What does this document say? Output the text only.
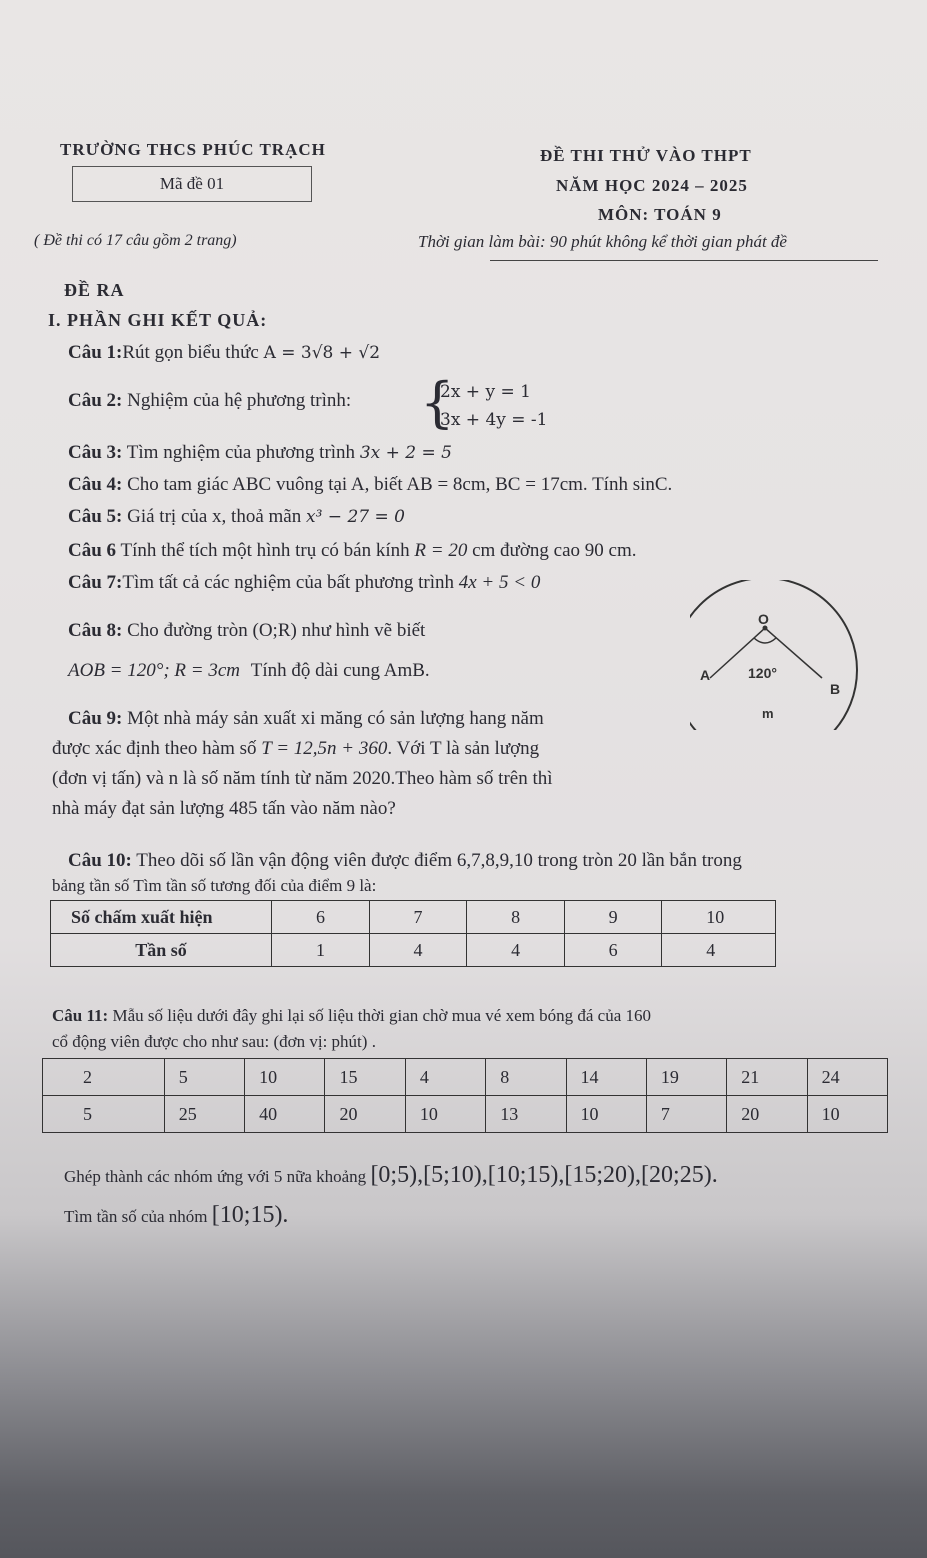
TRƯỜNG THCS PHÚC TRẠCH
Mã đề 01
( Đề thi có 17 câu gồm 2 trang)
ĐỀ THI THỬ VÀO THPT
NĂM HỌC 2024 – 2025
MÔN: TOÁN 9
Thời gian làm bài: 90 phút không kể thời gian phát đề
ĐỀ RA
I. PHẦN GHI KẾT QUẢ:
Câu 1:Rút gọn biểu thức A = 3√8 + √2
Câu 2: Nghiệm của hệ phương trình: {
2x + y = 1
3x + 4y = -1
Câu 3: Tìm nghiệm của phương trình 3x + 2 = 5
Câu 4: Cho tam giác ABC vuông tại A, biết AB = 8cm, BC = 17cm. Tính sinC.
Câu 5: Giá trị của x, thoả mãn x³ − 27 = 0
Câu 6 Tính thể tích một hình trụ có bán kính R = 20 cm đường cao 90 cm.
Câu 7:Tìm tất cả các nghiệm của bất phương trình 4x + 5 < 0
Câu 8: Cho đường tròn (O;R) như hình vẽ biết
AOB = 120°; R = 3cm Tính độ dài cung AmB.
O
120°
A
B
m
Câu 9: Một nhà máy sản xuất xi măng có sản lượng hang năm
được xác định theo hàm số T = 12,5n + 360. Với T là sản lượng
(đơn vị tấn) và n là số năm tính từ năm 2020.Theo hàm số trên thì
nhà máy đạt sản lượng 485 tấn vào năm nào?
Câu 10: Theo dõi số lần vận động viên được điểm 6,7,8,9,10 trong tròn 20 lần bắn trong
bảng tần số Tìm tần số tương đối của điểm 9 là:
Số chấm xuất hiện	6	7	8	9	10
Tần số	1	4	4	6	4
Câu 11: Mẫu số liệu dưới đây ghi lại số liệu thời gian chờ mua vé xem bóng đá của 160
cổ động viên được cho như sau: (đơn vị: phút) .
2	5	10	15	4	8	14	19	21	24
5	25	40	20	10	13	10	7	20	10
Ghép thành các nhóm ứng với 5 nữa khoảng [0;5),[5;10),[10;15),[15;20),[20;25).
Tìm tần số của nhóm [10;15).
